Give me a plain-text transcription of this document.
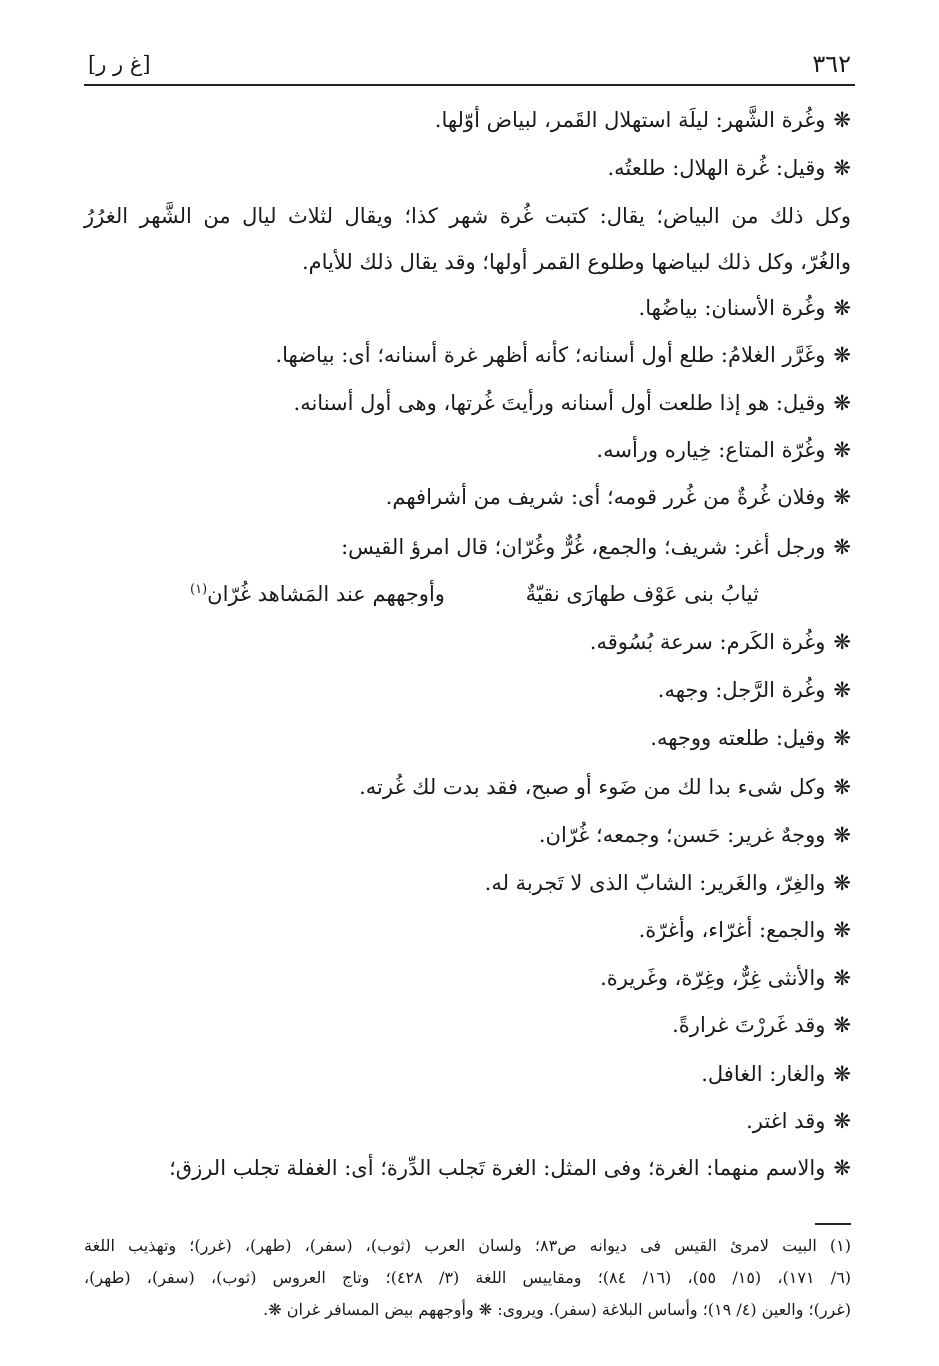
٣٦٢
[غ ر ر]
❋وغُرة الشَّهر: ليلَة استهلال القَمر، لبياض أوّلها.
❋وقيل: غُرة الهلال: طلعتُه.
وكل ذلك من البياض؛ يقال: كتبت غُرة شهر كذا؛ ويقال لثلاث ليال من الشَّهر الغرُرُ
والغُرّ، وكل ذلك لبياضها وطلوع القمر أولها؛ وقد يقال ذلك للأيام.
❋وغُرة الأسنان: بياضُها.
❋وغَرَّر الغلامُ: طلع أول أسنانه؛ كأنه أظهر غرة أسنانه؛ أى: بياضها.
❋وقيل: هو إذا طلعت أول أسنانه ورأيتَ غُرتها، وهى أول أسنانه.
❋وغُرّة المتاع: خِياره ورأسه.
❋وفلان غُرةٌ من غُرر قومه؛ أى: شريف من أشرافهم.
❋ورجل أغر: شريف؛ والجمع، غُرٌّ وغُرّان؛ قال امرؤ القيس:
ثيابُ بنى عَوْف طهارَى نقيّةٌ
وأوجههم عند المَشاهد غُرّان$^{(١)}$
❋وغُرة الكَرم: سرعة بُسُوقه.
❋وغُرة الرَّجل: وجهه.
❋وقيل: طلعته ووجهه.
❋وكل شىء بدا لك من ضَوء أو صبح، فقد بدت لك غُرته.
❋ووجهٌ غرير: حَسن؛ وجمعه؛ غُرّان.
❋والغِرّ، والغَرير: الشابّ الذى لا تَجربة له.
❋والجمع: أغرّاء، وأغرّة.
❋والأنثى غِرٌّ، وغِرّة، وغَريرة.
❋وقد غَررْتَ غرارةً.
❋والغار: الغافل.
❋وقد اغتر.
❋والاسم منهما: الغرة؛ وفى المثل: الغرة تَجلب الدِّرة؛ أى: الغفلة تجلب الرزق؛
(١) البيت لامرئ القيس فى ديوانه ص٨٣؛ ولسان العرب (ثوب)، (سفر)، (طهر)، (غرر)؛ وتهذيب اللغة
(٦/ ١٧١)، (١٥/ ٥٥)، (١٦/ ٨٤)؛ ومقاييس اللغة (٣/ ٤٢٨)؛ وتاج العروس (ثوب)، (سفر)، (طهر)،
(غرر)؛ والعين (٤/ ١٩)؛ وأساس البلاغة (سفر). ويروى: ❋ وأوجههم بيض المسافر غران ❋.
